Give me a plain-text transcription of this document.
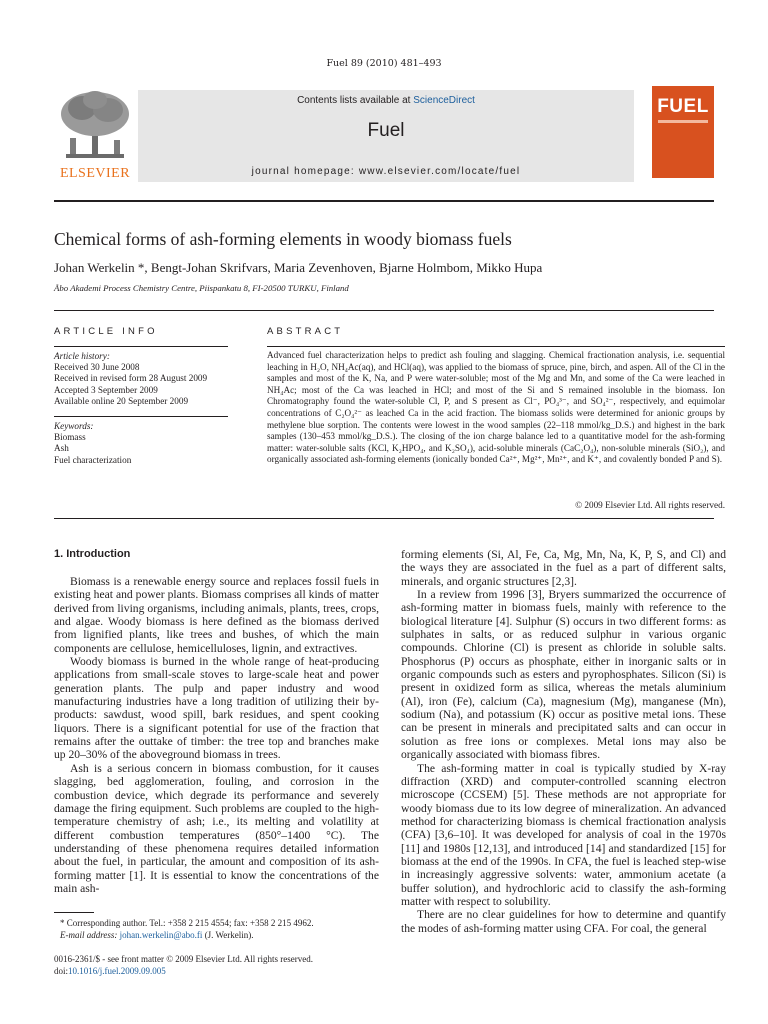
Fuel 89 (2010) 481–493
ELSEVIER
Contents lists available at ScienceDirect
Fuel
journal homepage: www.elsevier.com/locate/fuel
FUEL
Chemical forms of ash-forming elements in woody biomass fuels
Johan Werkelin *, Bengt-Johan Skrifvars, Maria Zevenhoven, Bjarne Holmbom, Mikko Hupa
Åbo Akademi Process Chemistry Centre, Piispankatu 8, FI-20500 TURKU, Finland
ARTICLE INFO
Article history:
Received 30 June 2008
Received in revised form 28 August 2009
Accepted 3 September 2009
Available online 20 September 2009
Keywords:
Biomass
Ash
Fuel characterization
ABSTRACT
Advanced fuel characterization helps to predict ash fouling and slagging. Chemical fractionation analysis, i.e. sequential leaching in H₂O, NH₄Ac(aq), and HCl(aq), was applied to the biomass of spruce, pine, birch, and aspen. All of the Cl in the samples and most of the K, Na, and P were water-soluble; most of the Mg and Mn, and some of the Ca were leached in NH₄Ac; most of the Ca was leached in HCl; and most of the Si and S remained insoluble in the biomass. Ion Chromatography found the water-soluble Cl, P, and S present as Cl⁻, PO₄³⁻, and SO₄²⁻, respectively, and equimolar concentrations of C₂O₄²⁻ as leached Ca in the acid fraction. The biomass solids were determined for anionic groups by methylene blue sorption. The contents were lowest in the wood samples (22–118 mmol/kg_D.S.) and highest in the bark samples (130–453 mmol/kg_D.S.). The closing of the ion charge balance led to a quantitative model for the ash-forming matter: water-soluble salts (KCl, K₂HPO₄, and K₂SO₄), acid-soluble minerals (CaC₂O₄), non-soluble minerals (SiO₂), and organically associated ash-forming elements (ionically bonded Ca²⁺, Mg²⁺, Mn²⁺, and K⁺, and covalently bonded P and S).
© 2009 Elsevier Ltd. All rights reserved.
1. Introduction

Biomass is a renewable energy source and replaces fossil fuels in existing heat and power plants. Biomass comprises all kinds of matter derived from living organisms, including animals, plants, trees, crops, and algae. Woody biomass is here defined as the biomass derived from lignified plants, like trees and bushes, of which the main components are cellulose, hemicelluloses, lignin, and extractives.

Woody biomass is burned in the whole range of heat-producing applications from small-scale stoves to large-scale heat and power generation plants. The pulp and paper industry and wood manufacturing industries have a long tradition of utilizing their by-products: sawdust, wood spill, bark residues, and spent cooking liquors. There is a significant potential for use of the fraction that remains after the outtake of timber: the tree top and branches make up 20–30% of the aboveground biomass in trees.

Ash is a serious concern in biomass combustion, for it causes slagging, bed agglomeration, fouling, and corrosion in the combustion device, which degrade its performance and severely damage the firing equipment. Such problems are coupled to the high-temperature chemistry of ash; i.e., its melting and volatility at different combustion temperatures (850°–1400 °C). The understanding of these phenomena requires detailed information about the fuel, in particular, the amount and composition of its ash-forming matter [1]. It is essential to know the concentrations of the main ash-

forming elements (Si, Al, Fe, Ca, Mg, Mn, Na, K, P, S, and Cl) and the ways they are associated in the fuel as a part of different salts, minerals, and organic structures [2,3].

In a review from 1996 [3], Bryers summarized the occurrence of ash-forming matter in biomass fuels, mainly with reference to the biological literature [4]. Sulphur (S) occurs in two different forms: as sulphates in salts, or as reduced sulphur in various organic compounds. Chlorine (Cl) is present as chloride in soluble salts. Phosphorus (P) occurs as phosphate, either in inorganic salts or in organic compounds such as esters and pyrophosphates. Silicon (Si) is present in oxidized form as silica, whereas the metals aluminium (Al), iron (Fe), calcium (Ca), magnesium (Mg), manganese (Mn), sodium (Na), and potassium (K) occur as positive metal ions. These can be present in minerals and precipitated salts and can occur in solution as free ions or complexes. Metal ions may also be organically associated with biomass fibres.

The ash-forming matter in coal is typically studied by X-ray diffraction (XRD) and computer-controlled scanning electron microscope (CCSEM) [5]. These methods are not appropriate for woody biomass due to its low degree of mineralization. An advanced method for characterizing biomass is chemical fractionation analysis (CFA) [3,6–10]. It was developed for analysis of coal in the 1970s [11] and 1980s [12,13], and introduced [14] and standardized [15] for biomass at the end of the 1990s. In CFA, the fuel is leached step-wise in increasingly aggressive solvents: water, ammonium acetate (a buffer solution), and hydrochloric acid to classify the ash-forming matter with respect to solubility.

There are no clear guidelines for how to determine and quantify the modes of ash-forming matter using CFA. For coal, the general

* Corresponding author. Tel.: +358 2 215 4554; fax: +358 2 215 4962.
E-mail address: johan.werkelin@abo.fi (J. Werkelin).
0016-2361/$ - see front matter © 2009 Elsevier Ltd. All rights reserved.
doi:10.1016/j.fuel.2009.09.005
